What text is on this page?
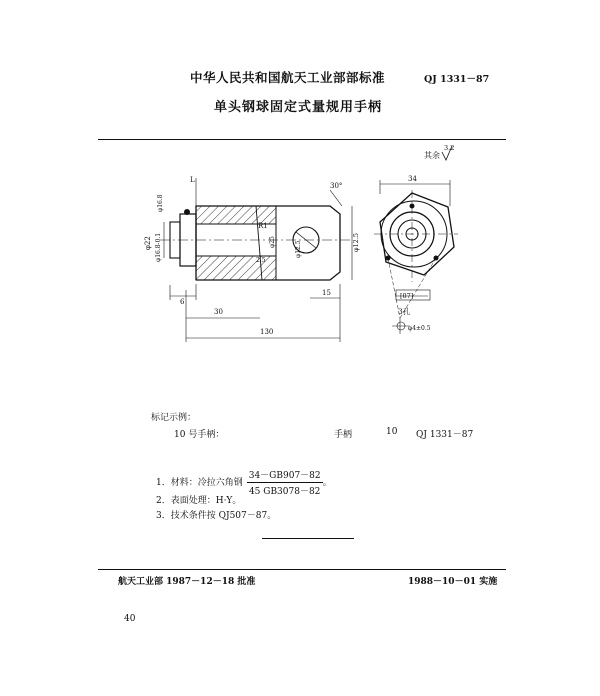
中华人民共和国航天工业部部标准	QJ 1331－87
单头钢球固定式量规用手柄
其余
3.2
30°
L
R1
6
30
130
15
2.5
φ25
φ22 φ16.8-0.1	φ12.5
φ12.5
φ16.8
34
[07]
3孔
φ4±0.5
标记示例：
10 号手柄：	手柄	10 QJ 1331－87
1．材料：冷拉六角钢 $\frac{34-GB907-82}{45 GB3078-82}$ 。
2．表面处理：H·Y。
3．技术条件按 QJ507－87。
航天工业部 1987－12－18 批准	1988－10－01 实施
40
